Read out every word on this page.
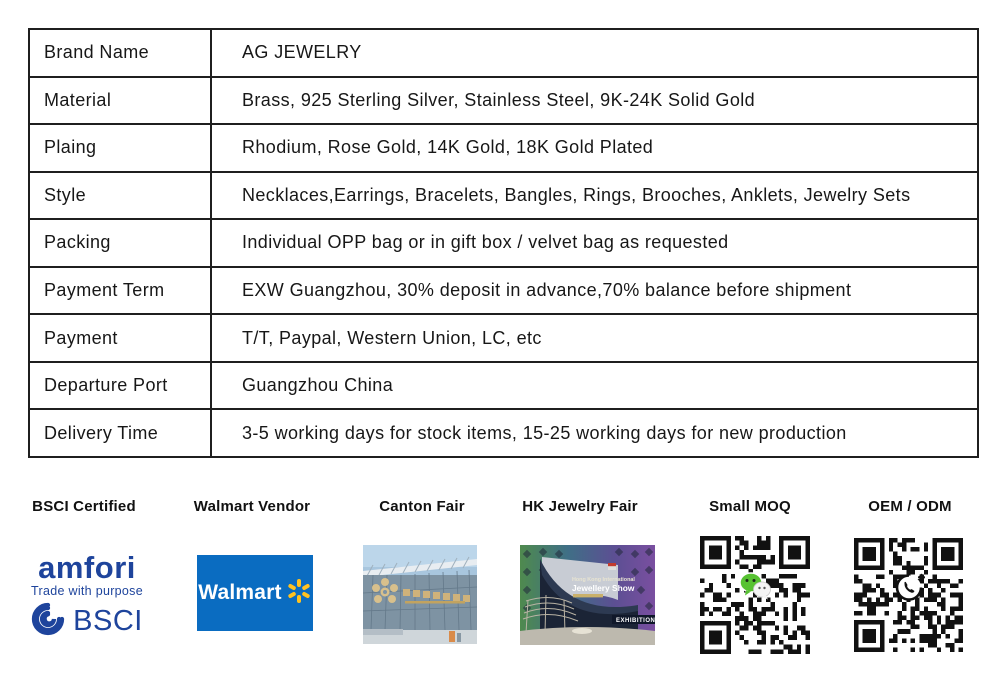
Brand Name	AG JEWELRY
Material	Brass, 925 Sterling Silver, Stainless Steel, 9K-24K Solid Gold
Plaing	Rhodium, Rose Gold, 14K Gold, 18K Gold Plated
Style	Necklaces,Earrings, Bracelets, Bangles, Rings, Brooches, Anklets, Jewelry Sets
Packing	Individual OPP bag or in gift box / velvet bag as requested
Payment Term	EXW Guangzhou, 30% deposit in advance,70% balance before shipment
Payment	T/T, Paypal, Western Union, LC, etc
Departure Port	Guangzhou China
Delivery Time	3-5 working days for stock items, 15-25 working days for new production
BSCI Certified	Walmart Vendor	Canton Fair	HK Jewelry Fair	Small MOQ	OEM / ODM
amfori
Trade with purpose
BSCI
Walmart
Hong Kong International
Jewellery Show
EXHIBITION
